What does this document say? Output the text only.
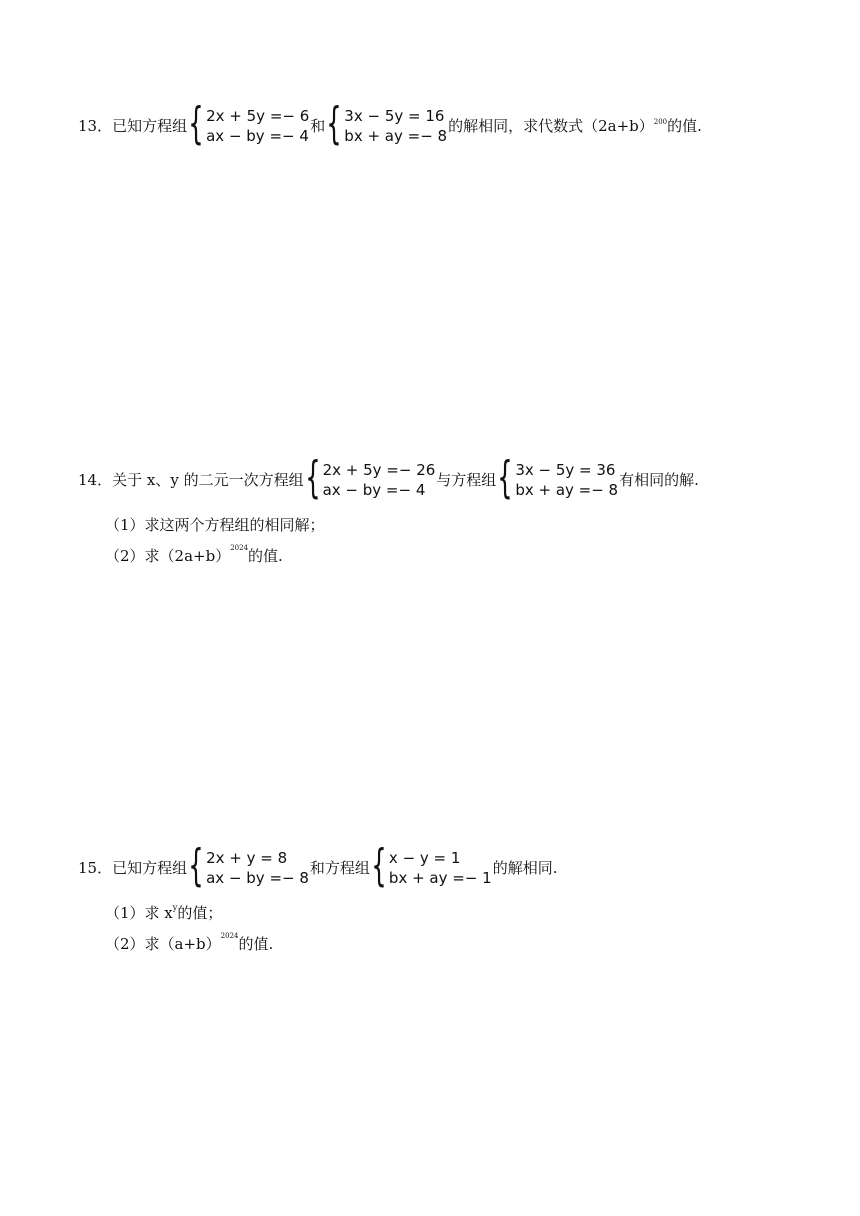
13． 已知方程组 { 2x + 5y =− 6
ax − by =− 4
和 { 3x − 5y = 16
bx + ay =− 8
的解相同，求代数式$(2a+b)^{200}$ 的值.
14． 关于 x、y 的二元一次方程组 { 2x + 5y =− 26
ax − by =− 4
与方程组 { 3x − 5y = 36
bx + ay =− 8
有相同的解.
（1）求这两个方程组的相同解；
（2）求$(2a+b)^{2024}$的值.
15． 已知方程组 { 2x + y = 8
ax − by =− 8
和方程组 { x − y = 1
bx + ay =− 1
的解相同.
（1）求 $x^y$的值；
（2）求$(a+b)^{2024}$的值.
